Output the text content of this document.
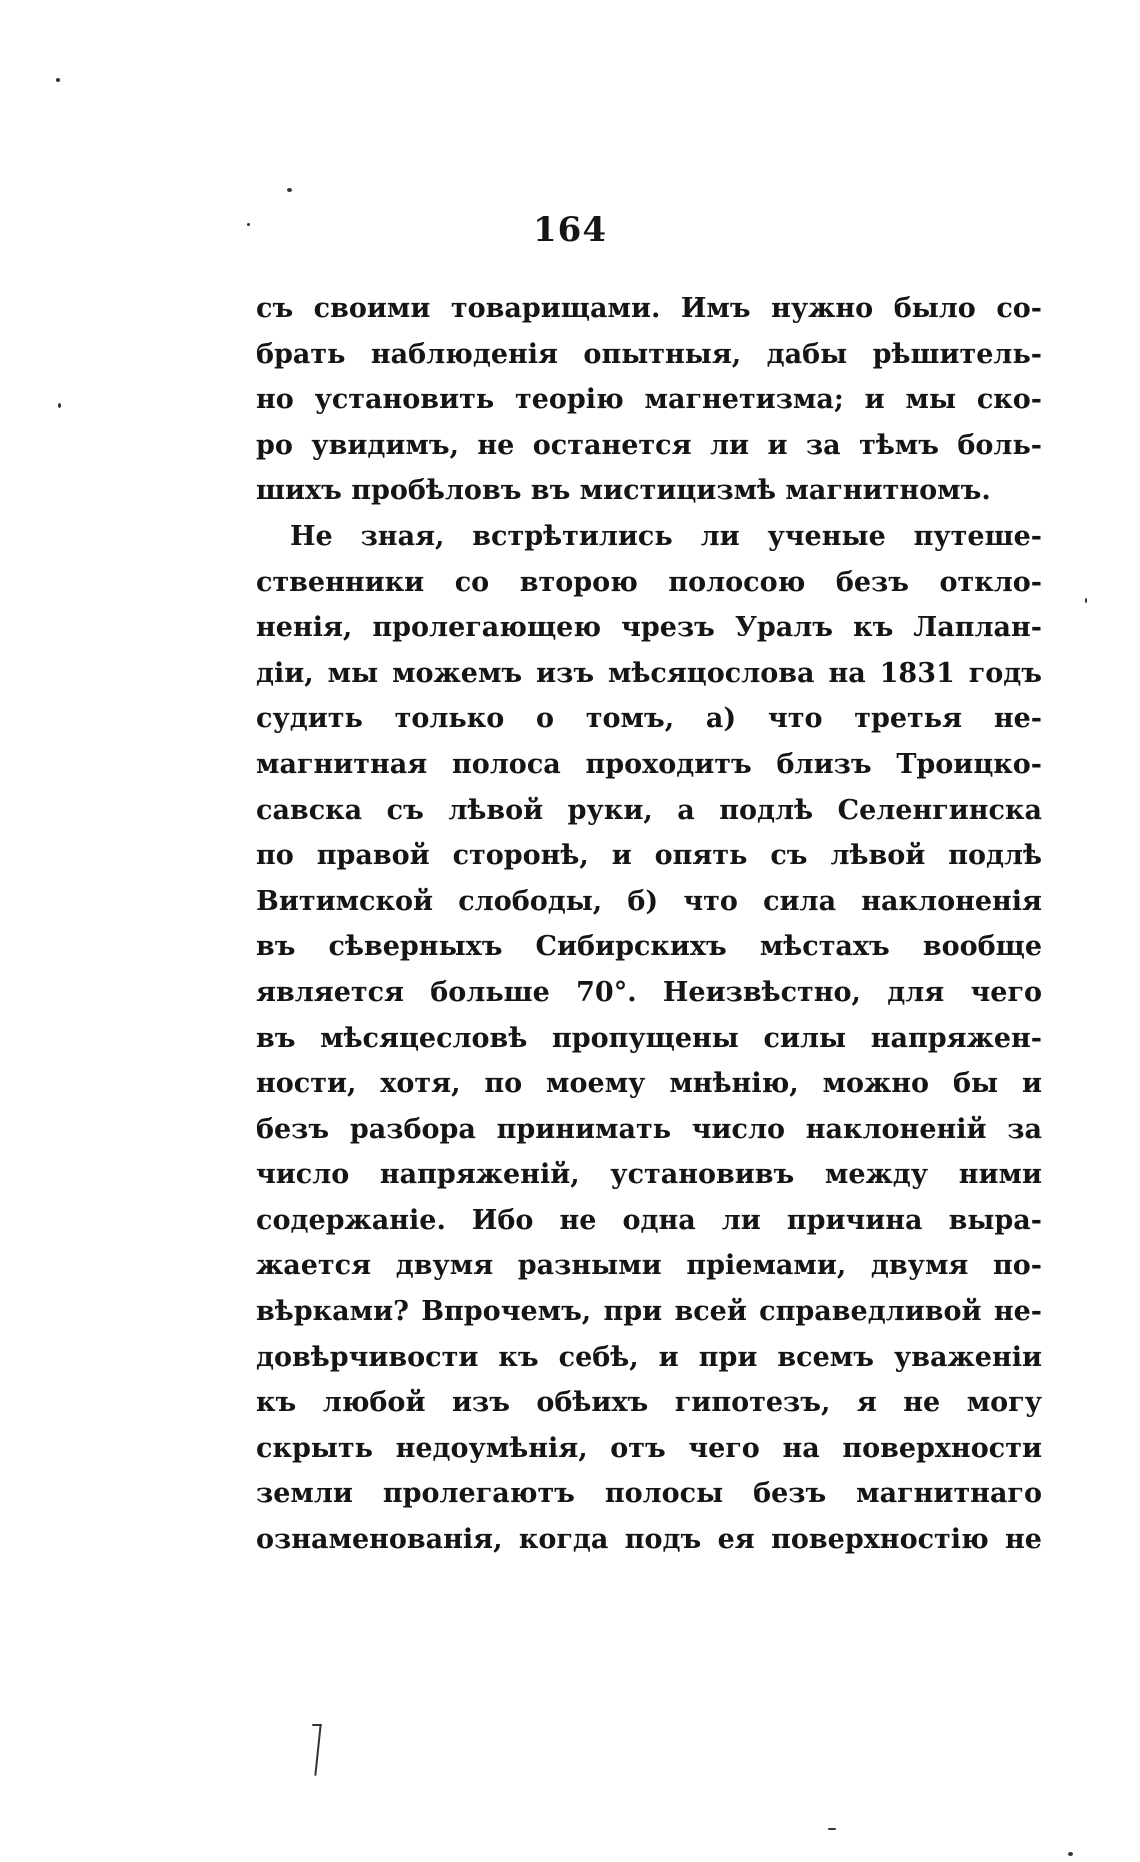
164
съ своими товарищами. Имъ нужно было со-
брать наблюденія опытныя, дабы рѣшитель-
но установить теорію магнетизма; и мы ско-
ро увидимъ, не останется ли и за тѣмъ боль-
шихъ пробѣловъ въ мистицизмѣ магнитномъ.
Не зная, встрѣтились ли ученые путеше-
ственники со второю полосою безъ откло-
ненія, пролегающею чрезъ Уралъ къ Лаплан-
діи, мы можемъ изъ мѣсяцослова на 1831 годъ
судить только о томъ, а) что третья не-
магнитная полоса проходитъ близъ Троицко-
савска съ лѣвой руки, а подлѣ Селенгинска
по правой сторонѣ, и опять съ лѣвой подлѣ
Витимской слободы, б) что сила наклоненія
въ сѣверныхъ Сибирскихъ мѣстахъ вообще
является больше 70°. Неизвѣстно, для чего
въ мѣсяцесловѣ пропущены силы напряжен-
ности, хотя, по моему мнѣнію, можно бы и
безъ разбора принимать число наклоненій за
число напряженій, установивъ между ними
содержаніе. Ибо не одна ли причина выра-
жается двумя разными пріемами, двумя по-
вѣрками? Впрочемъ, при всей справедливой не-
довѣрчивости къ себѣ, и при всемъ уваженіи
къ любой изъ обѣихъ гипотезъ, я не могу
скрыть недоумѣнія, отъ чего на поверхности
земли пролегаютъ полосы безъ магнитнаго
ознаменованія, когда подъ ея поверхностію не
